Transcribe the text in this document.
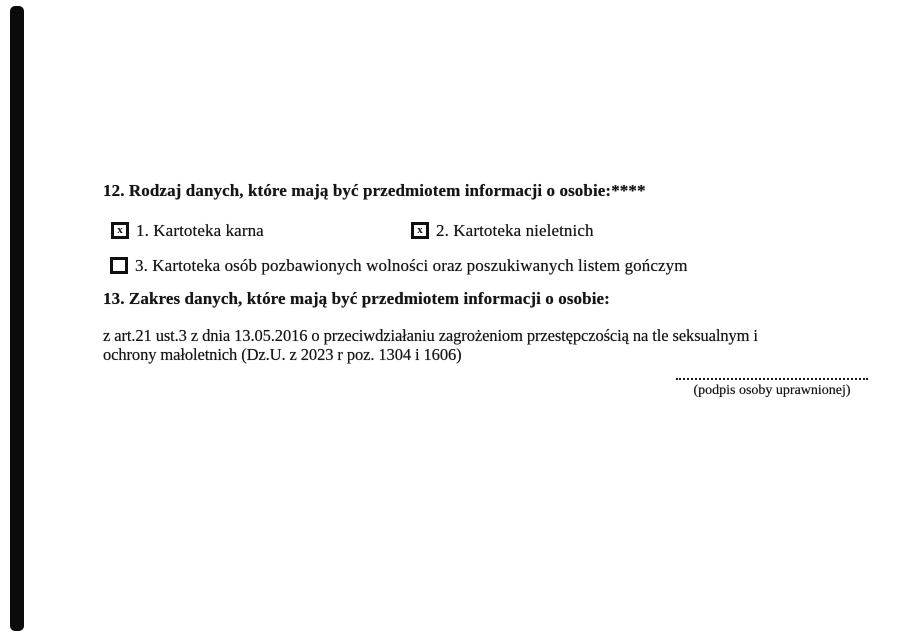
12. Rodzaj danych, które mają być przedmiotem informacji o osobie:****
x 1. Kartoteka karna	x 2. Kartoteka nieletnich
3. Kartoteka osób pozbawionych wolności oraz poszukiwanych listem gończym
13. Zakres danych, które mają być przedmiotem informacji o osobie:
z art.21 ust.3 z dnia 13.05.2016 o przeciwdziałaniu zagrożeniom przestępczością na tle seksualnym i
ochrony małoletnich (Dz.U. z 2023 r poz. 1304 i 1606)
(podpis osoby uprawnionej)
